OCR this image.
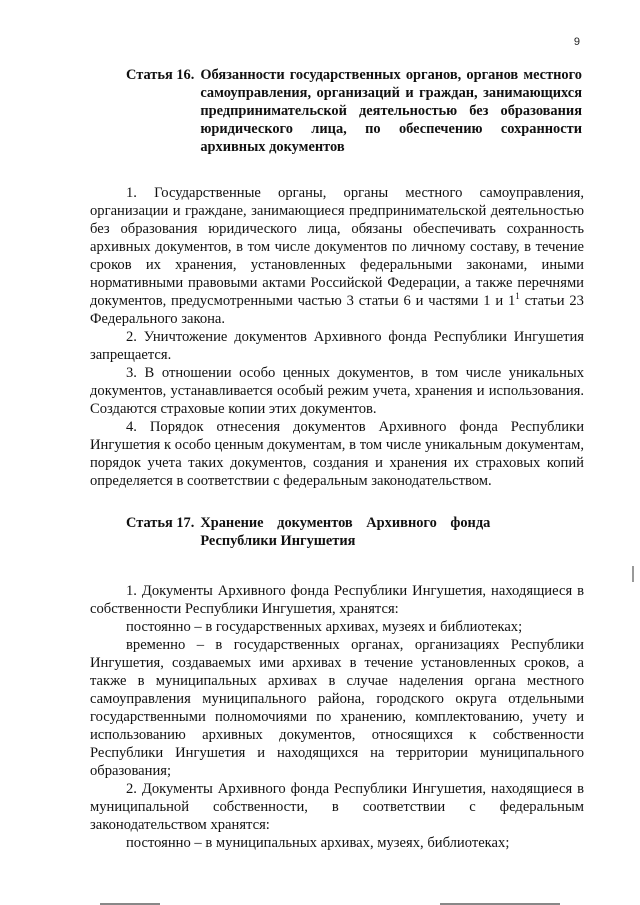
9
Статья 16. Обязанности государственных органов, органов местного самоуправления, организаций и граждан, занимающихся предпринимательской деятельностью без образования юридического лица, по обеспечению сохранности архивных документов

1. Государственные органы, органы местного самоуправления, организации и граждане, занимающиеся предпринимательской деятельностью без образования юридического лица, обязаны обеспечивать сохранность архивных документов, в том числе документов по личному составу, в течение сроков их хранения, установленных федеральными законами, иными нормативными правовыми актами Российской Федерации, а также перечнями документов, предусмотренными частью 3 статьи 6 и частями 1 и $1^1$ статьи 23 Федерального закона.

2. Уничтожение документов Архивного фонда Республики Ингушетия запрещается.

3. В отношении особо ценных документов, в том числе уникальных документов, устанавливается особый режим учета, хранения и использования. Создаются страховые копии этих документов.

4. Порядок отнесения документов Архивного фонда Республики Ингушетия к особо ценным документам, в том числе уникальным документам, порядок учета таких документов, создания и хранения их страховых копий определяется в соответствии с федеральным законодательством.

Статья 17. Хранение документов Архивного фонда Республики Ингушетия

1. Документы Архивного фонда Республики Ингушетия, находящиеся в собственности Республики Ингушетия, хранятся:

постоянно – в государственных архивах, музеях и библиотеках;

временно – в государственных органах, организациях Республики Ингушетия, создаваемых ими архивах в течение установленных сроков, а также в муниципальных архивах в случае наделения органа местного самоуправления муниципального района, городского округа отдельными государственными полномочиями по хранению, комплектованию, учету и использованию архивных документов, относящихся к собственности Республики Ингушетия и находящихся на территории муниципального образования;

2. Документы Архивного фонда Республики Ингушетия, находящиеся в муниципальной собственности, в соответствии с федеральным законодательством хранятся:

постоянно – в муниципальных архивах, музеях, библиотеках;
